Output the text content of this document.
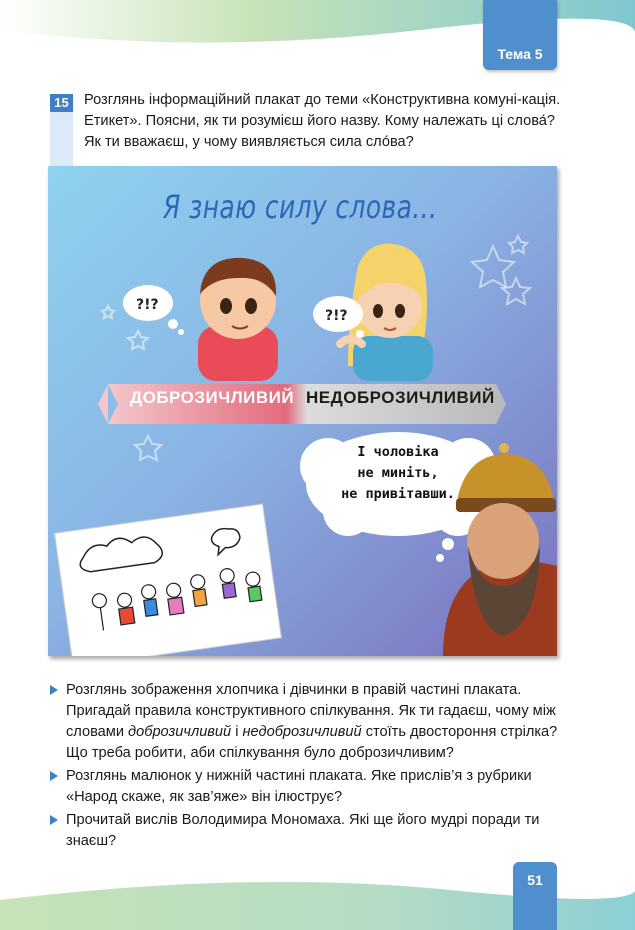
Тема 5
15 Розглянь інформаційний плакат до теми «Конструктивна комуні-кація. Етикет». Поясни, як ти розумієш його назву. Кому належать ці слова́? Як ти вважаєш, у чому виявляється сила сло́ва?
?!?
?!?
Я знаю силу слова...
ДОБРОЗИЧЛИВИЙ НЕДОБРОЗИЧЛИВИЙ
І чоловіка
не миніть,
не привітавши.
Розглянь зображення хлопчика і дівчинки в правій частині плаката. Пригадай правила конструктивного спілкування. Як ти гадаєш, чому між словами доброзичливий і недоброзичливий стоїть двостороння стрілка? Що треба робити, аби спілкування було доброзичливим?
Розглянь малюнок у нижній частині плаката. Яке прислів’я з рубрики «Народ скаже, як зав’яже» він ілюструє?
Прочитай вислів Володимира Мономаха. Які ще його мудрі поради ти знаєш?
51
